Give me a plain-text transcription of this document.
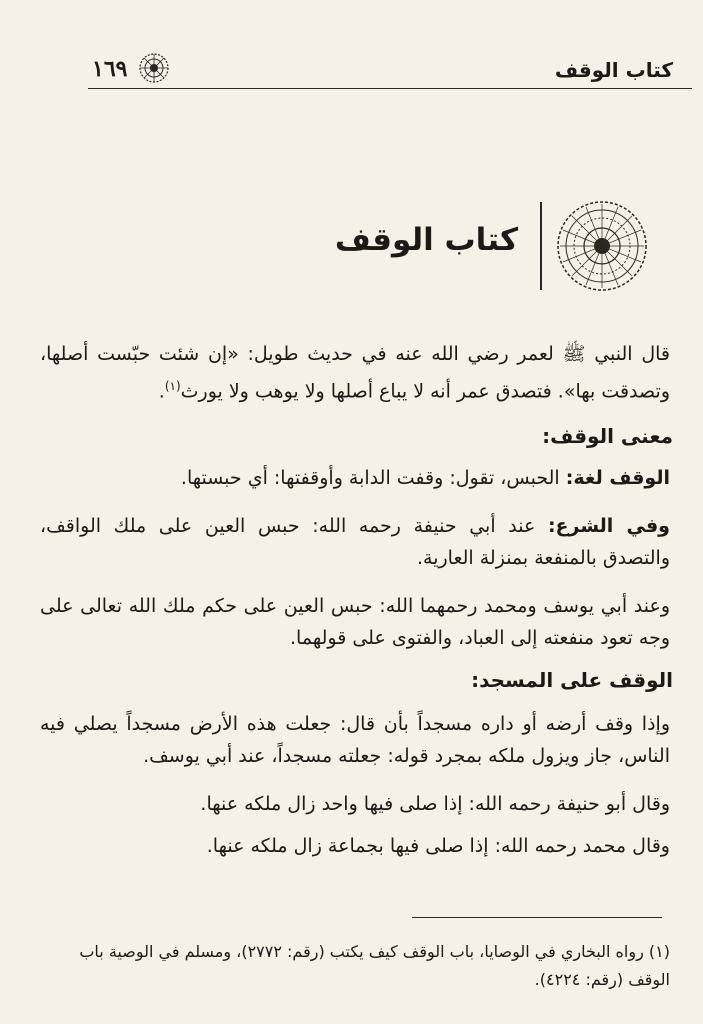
١٦٩	كتاب الوقف
كتاب الوقف
قال النبي ﷺ لعمر رضي الله عنه في حديث طويل: «إن شئت حبّست أصلها، وتصدقت بها». فتصدق عمر أنه لا يباع أصلها ولا يوهب ولا يورث$^{(١)}$.
معنى الوقف:
الوقف لغة: الحبس، تقول: وقفت الدابة وأوقفتها: أي حبستها.
وفي الشرع: عند أبي حنيفة رحمه الله: حبس العين على ملك الواقف، والتصدق بالمنفعة بمنزلة العارية.
وعند أبي يوسف ومحمد رحمهما الله: حبس العين على حكم ملك الله تعالى على وجه تعود منفعته إلى العباد، والفتوى على قولهما.
الوقف على المسجد:
وإذا وقف أرضه أو داره مسجداً بأن قال: جعلت هذه الأرض مسجداً يصلي فيه الناس، جاز ويزول ملكه بمجرد قوله: جعلته مسجداً، عند أبي يوسف.
وقال أبو حنيفة رحمه الله: إذا صلى فيها واحد زال ملكه عنها.
وقال محمد رحمه الله: إذا صلى فيها بجماعة زال ملكه عنها.
(١) رواه البخاري في الوصايا، باب الوقف كيف يكتب (رقم: ٢٧٧٢)، ومسلم في الوصية باب الوقف (رقم: ٤٢٢٤).
